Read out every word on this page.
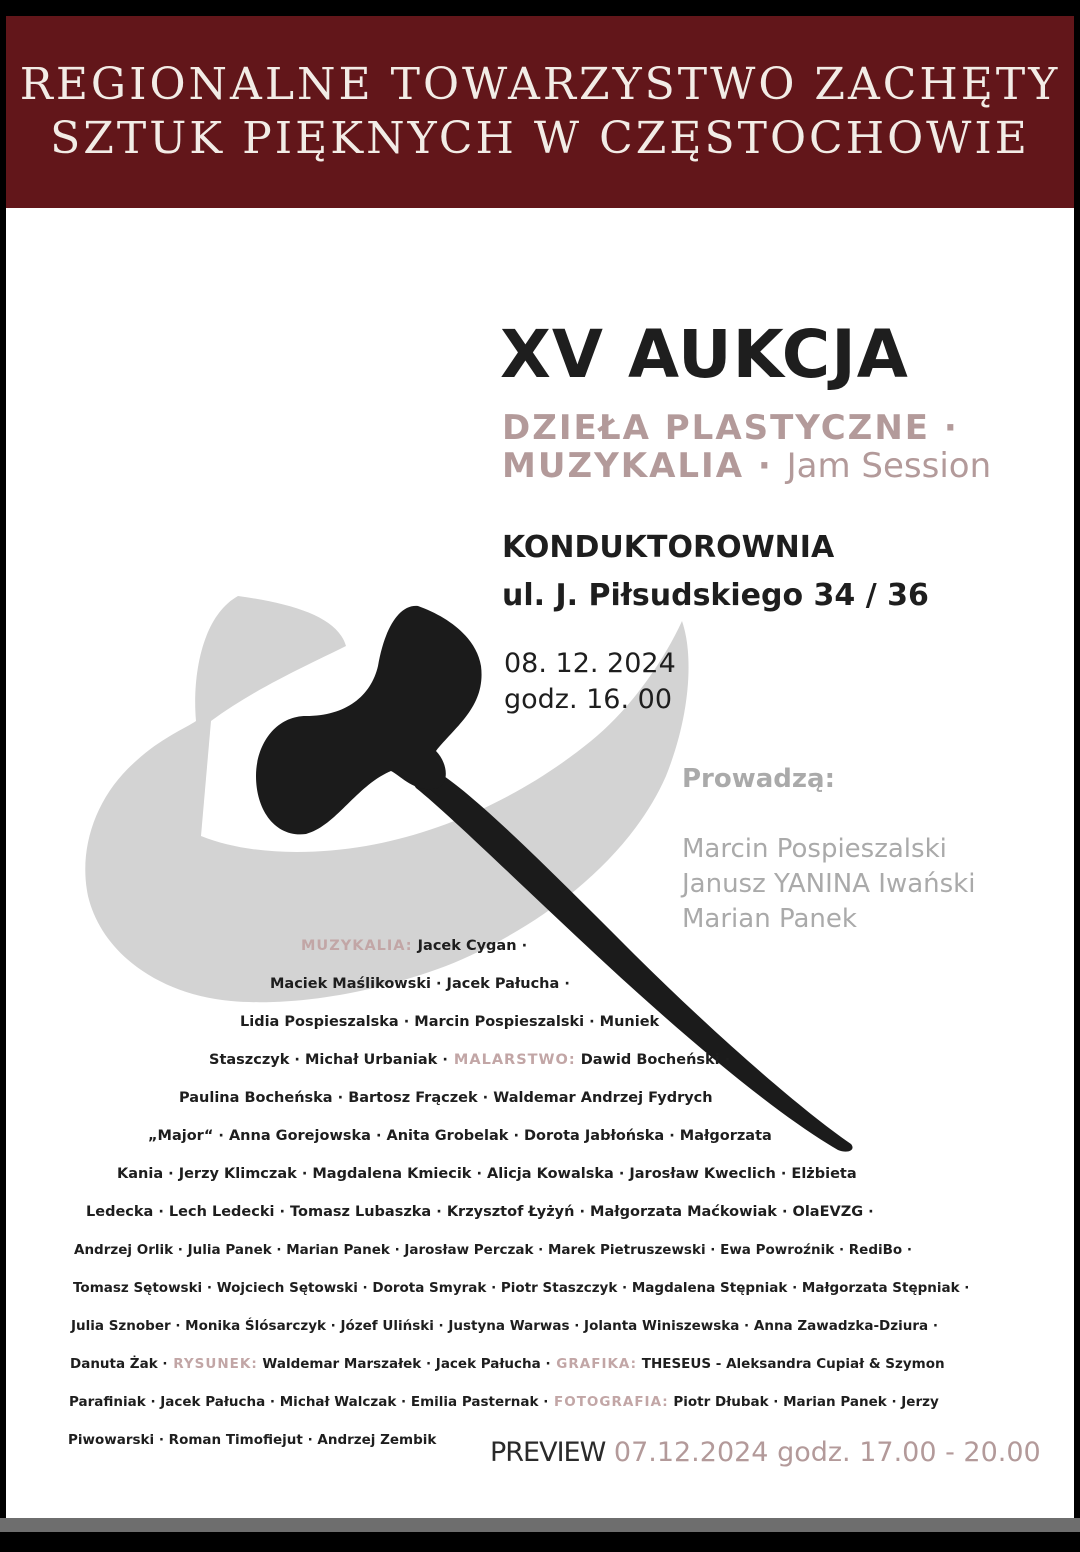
REGIONALNE TOWARZYSTWO ZACHĘTY
SZTUK PIĘKNYCH W CZĘSTOCHOWIE
XV AUKCJA
DZIEŁA PLASTYCZNE ·
MUZYKALIA · Jam Session
KONDUKTOROWNIA
ul. J. Piłsudskiego 34 / 36
08. 12. 2024
godz. 16. 00
Prowadzą:
Marcin Pospieszalski
Janusz YANINA Iwański
Marian Panek
MUZYKALIA: Jacek Cygan ·
Maciek Maślikowski · Jacek Pałucha ·
Lidia Pospieszalska · Marcin Pospieszalski · Muniek
Staszczyk · Michał Urbaniak · MALARSTWO: Dawid Bocheński ·
Paulina Bocheńska · Bartosz Frączek · Waldemar Andrzej Fydrych
„Major“ · Anna Gorejowska · Anita Grobelak · Dorota Jabłońska · Małgorzata
Kania · Jerzy Klimczak · Magdalena Kmiecik · Alicja Kowalska · Jarosław Kweclich · Elżbieta
Ledecka · Lech Ledecki · Tomasz Lubaszka · Krzysztof Łyżyń · Małgorzata Maćkowiak · OlaEVZG ·
Andrzej Orlik · Julia Panek · Marian Panek · Jarosław Perczak · Marek Pietruszewski · Ewa Powroźnik · RediBo ·
Tomasz Sętowski · Wojciech Sętowski · Dorota Smyrak · Piotr Staszczyk · Magdalena Stępniak · Małgorzata Stępniak ·
Julia Sznober · Monika Ślósarczyk · Józef Uliński · Justyna Warwas · Jolanta Winiszewska · Anna Zawadzka-Dziura ·
Danuta Żak · RYSUNEK: Waldemar Marszałek · Jacek Pałucha · GRAFIKA: THESEUS - Aleksandra Cupiał & Szymon
Parafiniak · Jacek Pałucha · Michał Walczak · Emilia Pasternak · FOTOGRAFIA: Piotr Dłubak · Marian Panek · Jerzy
Piwowarski · Roman Timofiejut · Andrzej Zembik PREVIEW 07.12.2024 godz. 17.00 - 20.00
